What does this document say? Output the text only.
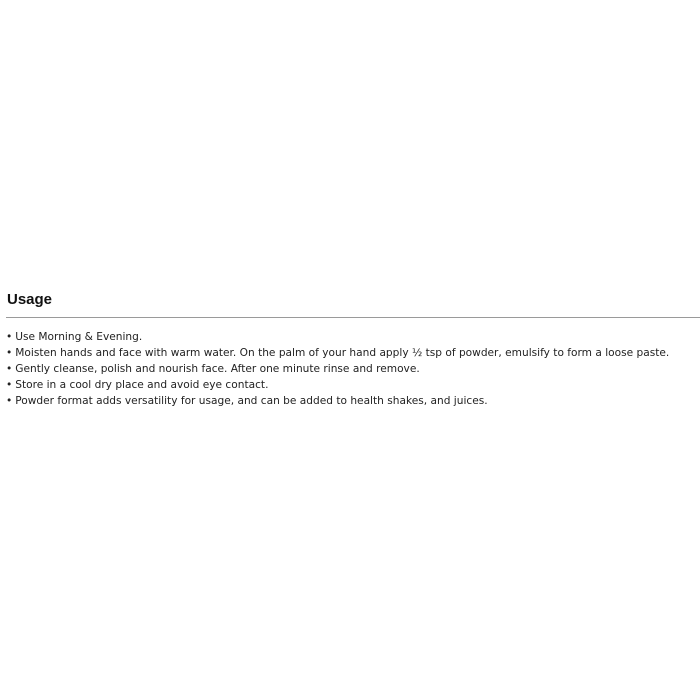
Usage
• Use Morning & Evening.
• Moisten hands and face with warm water. On the palm of your hand apply ½ tsp of powder, emulsify to form a loose paste.
• Gently cleanse, polish and nourish face. After one minute rinse and remove.
• Store in a cool dry place and avoid eye contact.
• Powder format adds versatility for usage, and can be added to health shakes, and juices.
